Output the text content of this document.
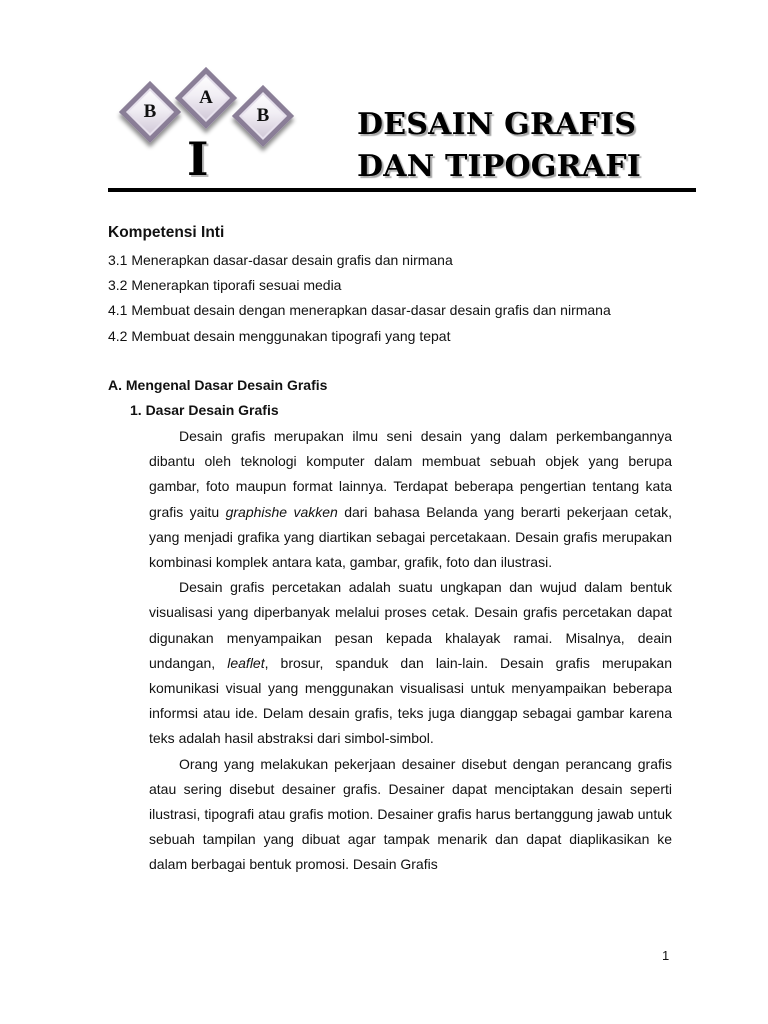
B
A
B
I
DESAIN GRAFIS
DAN TIPOGRAFI
Kompetensi Inti
3.1 Menerapkan dasar-dasar desain grafis dan nirmana
3.2 Menerapkan tiporafi sesuai media
4.1 Membuat desain dengan menerapkan dasar-dasar desain grafis dan nirmana
4.2 Membuat desain menggunakan tipografi yang tepat
A. Mengenal Dasar Desain Grafis
1. Dasar Desain Grafis

Desain grafis merupakan ilmu seni desain yang dalam perkembangannya dibantu oleh teknologi komputer dalam membuat sebuah objek yang berupa gambar, foto maupun format lainnya. Terdapat beberapa pengertian tentang kata grafis yaitu graphishe vakken dari bahasa Belanda yang berarti pekerjaan cetak, yang menjadi grafika yang diartikan sebagai percetakaan. Desain grafis merupakan kombinasi komplek antara kata, gambar, grafik, foto dan ilustrasi.

Desain grafis percetakan adalah suatu ungkapan dan wujud dalam bentuk visualisasi yang diperbanyak melalui proses cetak. Desain grafis percetakan dapat digunakan menyampaikan pesan kepada khalayak ramai. Misalnya, deain undangan, leaflet, brosur, spanduk dan lain-lain. Desain grafis merupakan komunikasi visual yang menggunakan visualisasi untuk menyampaikan beberapa informsi atau ide. Delam desain grafis, teks juga dianggap sebagai gambar karena teks adalah hasil abstraksi dari simbol-simbol.

Orang yang melakukan pekerjaan desainer disebut dengan perancang grafis atau sering disebut desainer grafis. Desainer dapat menciptakan desain seperti ilustrasi, tipografi atau grafis motion. Desainer grafis harus bertanggung jawab untuk sebuah tampilan yang dibuat agar tampak menarik dan dapat diaplikasikan ke dalam berbagai bentuk promosi. Desain Grafis

1
